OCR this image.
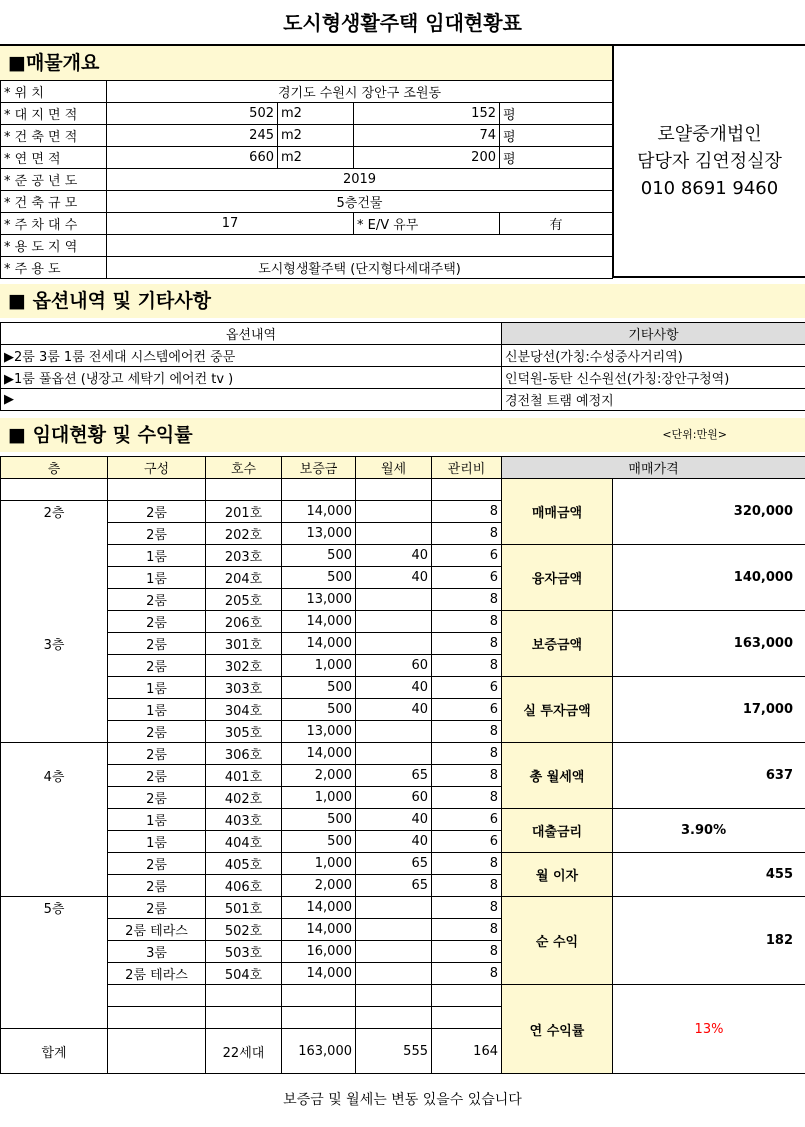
도시형생활주택 임대현황표
■매물개요
* 위 치	경기도 수원시 장안구 조원동			
* 대 지 면 적	502	m2	152	평
* 건 축 면 적	245	m2	74	평
* 연 면 적	660	m2	200	평
* 준 공 년 도	2019			
* 건 축 규 모	5층건물			
* 주 차 대 수	17		* E/V 유무	有
* 용 도 지 역				
* 주 용 도	도시형생활주택 (단지형다세대주택)			
로얄중개법인
담당자 김연정실장
010 8691 9460
■ 옵션내역 및 기타사항
옵션내역	기타사항
▶2룸 3룸 1룸 전세대 시스템에어컨 중문	신분당선(가칭:수성중사거리역)
▶1룸 풀옵션 (냉장고 세탁기 에어컨 tv )	인덕원-동탄 신수원선(가칭:장안구청역)
▶	경전철 트램 예정지
■ 임대현황 및 수익률	<단위:만원>
층	구성	호수	보증금	월세	관리비	매매가격	
						매매금액	320,000
2층	2룸	201호	14,000		8		
	2룸	202호	13,000		8		
	1룸	203호	500	40	6	융자금액	140,000
	1룸	204호	500	40	6		
	2룸	205호	13,000		8		
	2룸	206호	14,000		8	보증금액	163,000
3층	2룸	301호	14,000		8		
	2룸	302호	1,000	60	8		
	1룸	303호	500	40	6	실 투자금액	17,000
	1룸	304호	500	40	6		
	2룸	305호	13,000		8		
	2룸	306호	14,000		8	총 월세액	637
4층	2룸	401호	2,000	65	8		
	2룸	402호	1,000	60	8		
	1룸	403호	500	40	6	대출금리	3.90%
	1룸	404호	500	40	6		
	2룸	405호	1,000	65	8	월 이자	455
	2룸	406호	2,000	65	8		
5층	2룸	501호	14,000		8	순 수익	182
	2룸 테라스	502호	14,000		8		
	3룸	503호	16,000		8		
	2룸 테라스	504호	14,000		8		
						연 수익률	13%

합계		22세대	163,000	555	164		
보증금 및 월세는 변동 있을수 있습니다
